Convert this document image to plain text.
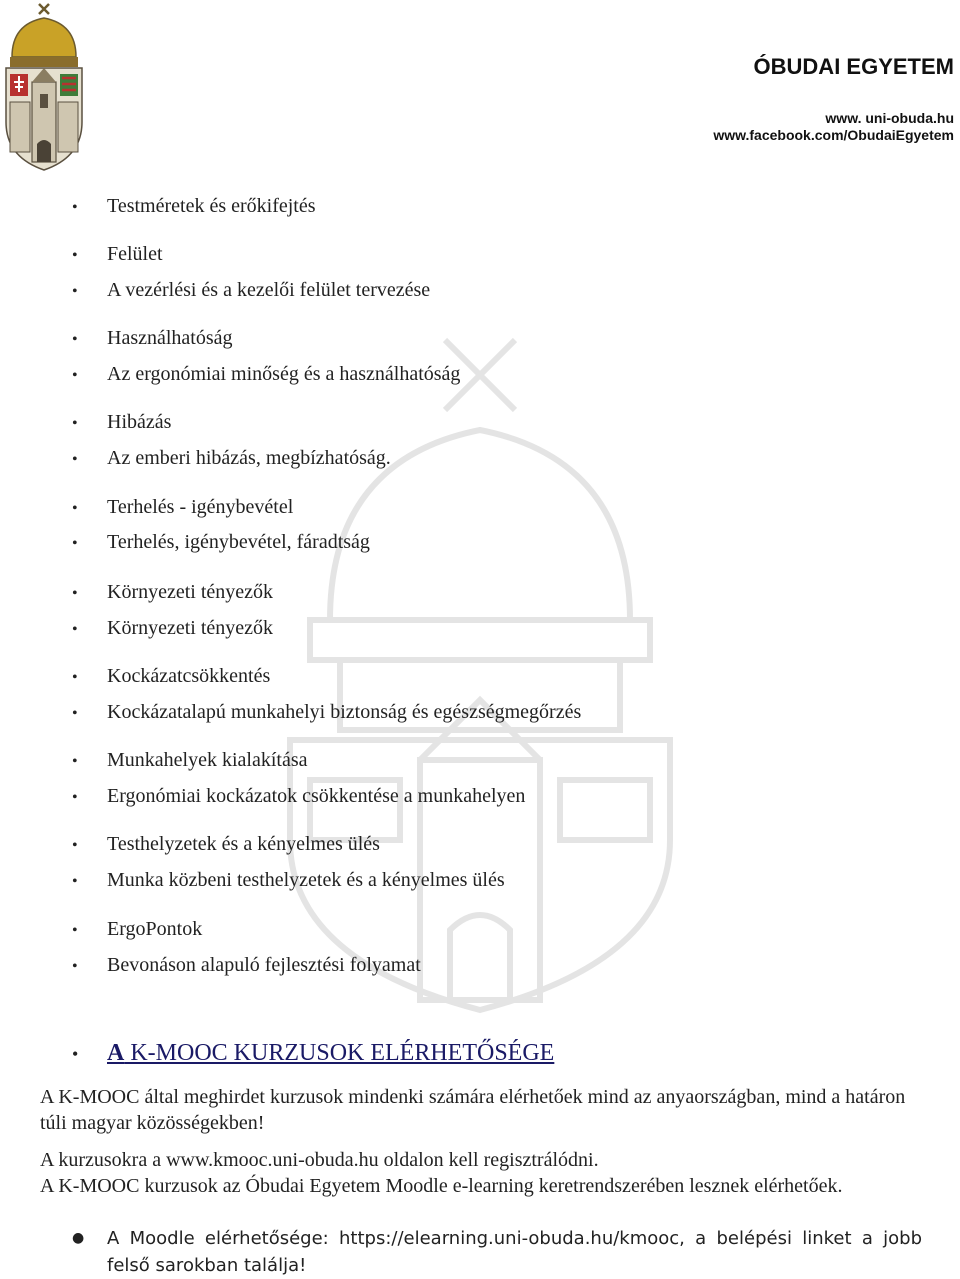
ÓBUDAI EGYETEM
www. uni-obuda.hu
www.facebook.com/ObudaiEgyetem
• Testméretek és erőkifejtés
• Felület
• A vezérlési és a kezelői felület tervezése
• Használhatóság
• Az ergonómiai minőség és a használhatóság
• Hibázás
• Az emberi hibázás, megbízhatóság.
• Terhelés - igénybevétel
• Terhelés, igénybevétel, fáradtság
• Környezeti tényezők
• Környezeti tényezők
• Kockázatcsökkentés
• Kockázatalapú munkahelyi biztonság és egészségmegőrzés
• Munkahelyek kialakítása
• Ergonómiai kockázatok csökkentése a munkahelyen
• Testhelyzetek és a kényelmes ülés
• Munka közbeni testhelyzetek és a kényelmes ülés
• ErgoPontok
• Bevonáson alapuló fejlesztési folyamat
• A K-MOOC KURZUSOK ELÉRHETŐSÉGE
A K-MOOC által meghirdet kurzusok mindenki számára elérhetőek mind az anyaországban, mind a határon túli magyar közösségekben!
A kurzusokra a www.kmooc.uni-obuda.hu oldalon kell regisztrálódni.
A K-MOOC kurzusok az Óbudai Egyetem Moodle e-learning keretrendszerében lesznek elérhetőek.
● A Moodle elérhetősége: https://elearning.uni-obuda.hu/kmooc, a belépési linket a jobb felső sarokban találja!
